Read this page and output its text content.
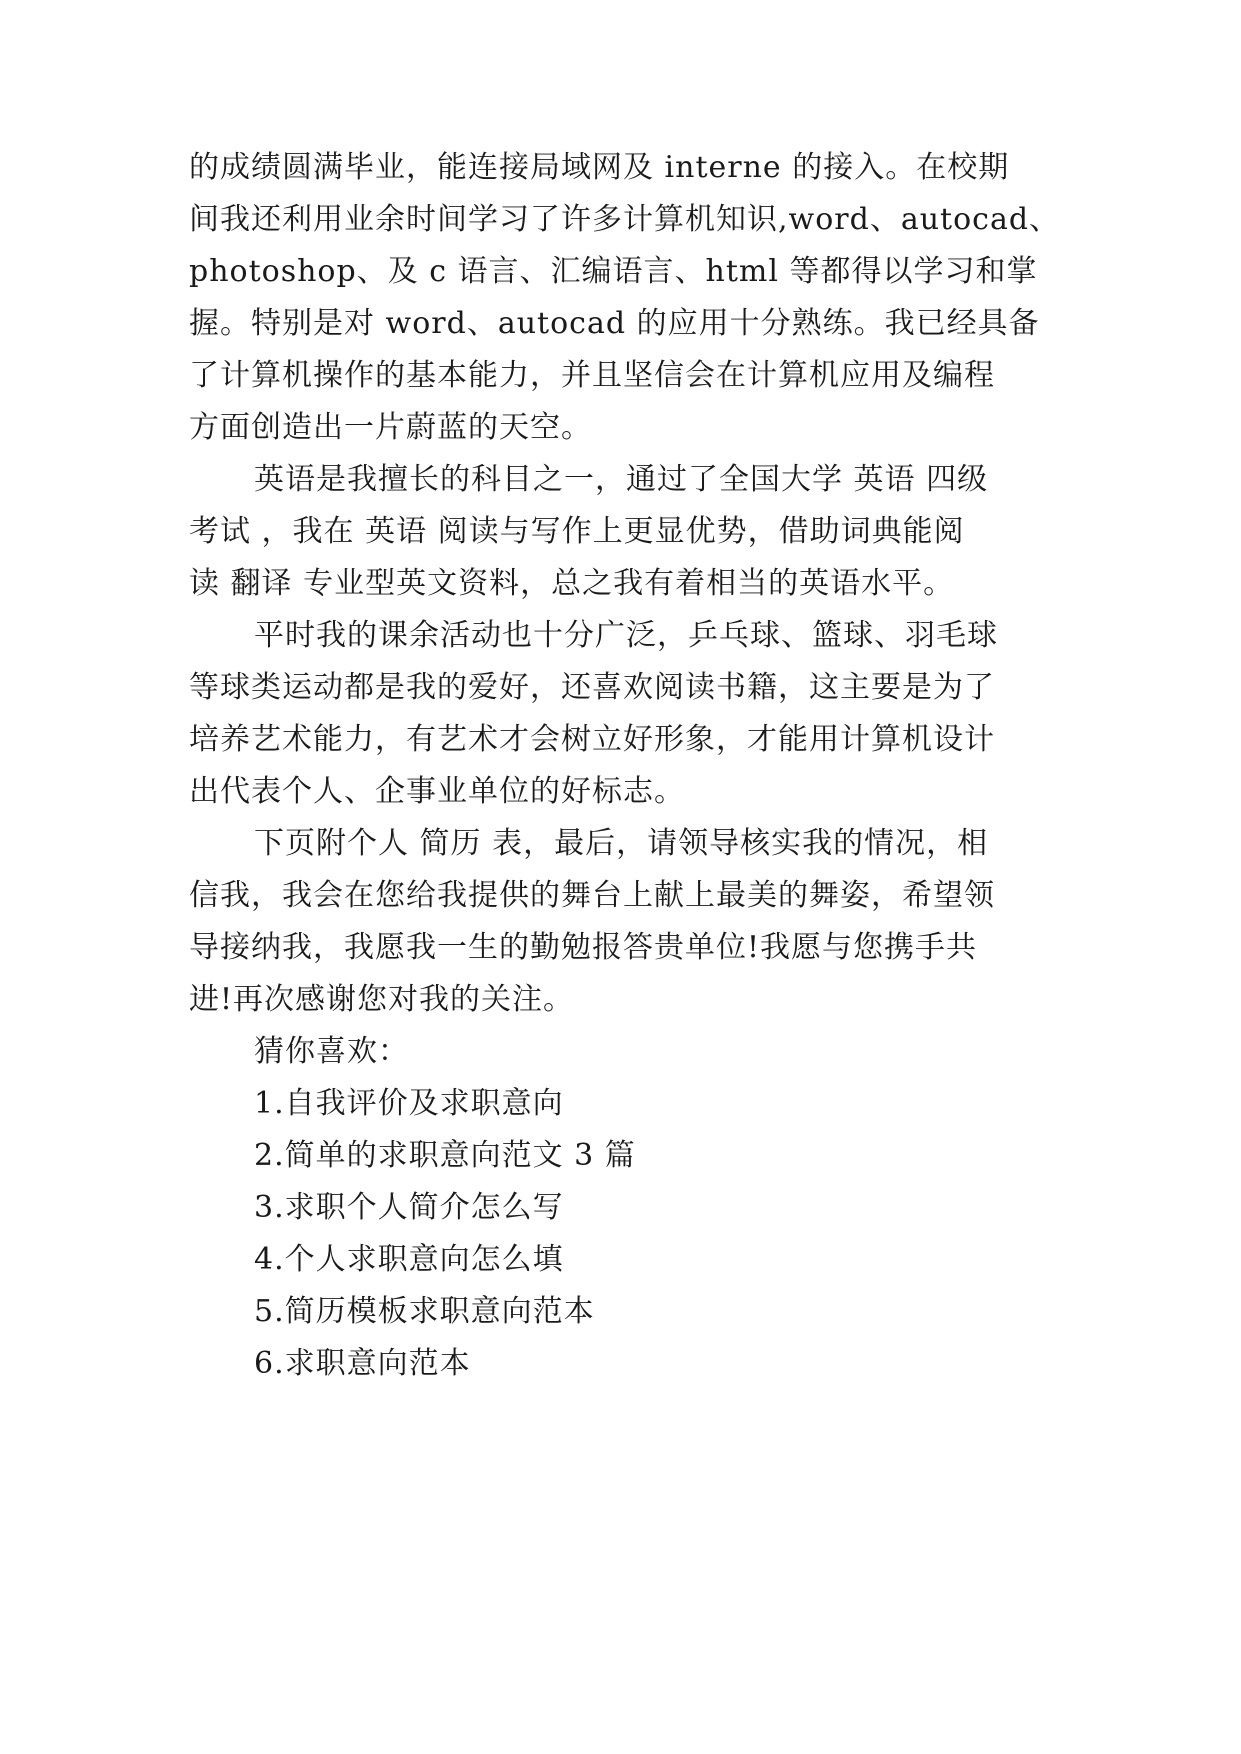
的成绩圆满毕业，能连接局域网及 interne 的接入。在校期
间我还利用业余时间学习了许多计算机知识,word、autocad、
photoshop、及 c 语言、汇编语言、html 等都得以学习和掌
握。特别是对 word、autocad 的应用十分熟练。我已经具备
了计算机操作的基本能力，并且坚信会在计算机应用及编程
方面创造出一片蔚蓝的天空。
英语是我擅长的科目之一，通过了全国大学 英语 四级
考试 ，我在 英语 阅读与写作上更显优势，借助词典能阅
读 翻译 专业型英文资料，总之我有着相当的英语水平。
平时我的课余活动也十分广泛，乒乓球、篮球、羽毛球
等球类运动都是我的爱好，还喜欢阅读书籍，这主要是为了
培养艺术能力，有艺术才会树立好形象，才能用计算机设计
出代表个人、企事业单位的好标志。
下页附个人 简历 表，最后，请领导核实我的情况，相
信我，我会在您给我提供的舞台上献上最美的舞姿，希望领
导接纳我，我愿我一生的勤勉报答贵单位!我愿与您携手共
进!再次感谢您对我的关注。
猜你喜欢：
1.自我评价及求职意向
2.简单的求职意向范文 3 篇
3.求职个人简介怎么写
4.个人求职意向怎么填
5.简历模板求职意向范本
6.求职意向范本
